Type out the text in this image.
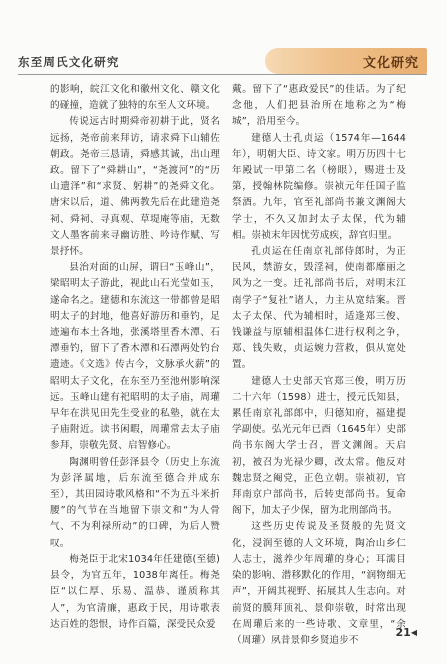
东至周氏文化研究	文化研究

的影响，皖江文化和徽州文化、赣文化的碰撞，造就了独特的东至人文环境。

传说远古时期舜帝初耕于此，贤名远扬，尧帝前来拜访，请求舜下山辅佐朝政。尧帝三恳请，舜感其诚，出山理政。留下了“舜耕山”，“尧渡河”的“历山遗泽”和“求贤、躬耕”的尧舜文化。唐宋以后，道、佛两教先后在此建造尧祠、舜祠、寻真观、草堤庵等庙，无数文人墨客前来寻幽访胜、吟诗作赋、写景抒怀。

县治对面的山屏，谓曰“玉峰山”，梁昭明太子游此，视此山石光莹如玉，遂命名之。建德和东流这一带都曾是昭明太子的封地，他喜好游历和垂钓，足迹遍布本土各地，张溪塔里香木潭、石潭垂钓，留下了香木潭和石潭两处钓台遗迹。《文选》传古今，文脉承火薪”的昭明太子文化，在东至乃至池州影响深远。玉峰山建有祀昭明的太子庙，周瓘早年在洪见田先生受业的私塾，就在太子庙附近。读书闲暇，周瓘常去太子庙参拜，崇敬先贤、启智修心。

陶渊明曾任彭泽县令（历史上东流为彭泽属地，后东流至德合并成东至），其田园诗歌风格和“不为五斗米折腰”的气节在当地留下崇文和“为人骨气、不为利禄所动”的口碑，为后人赞叹。

梅尧臣于北宋1034年任建德(至德)县令，为官五年，1038年离任。梅尧臣“以仁厚、乐易、温恭、谨质称其人”，为官清廉，惠政于民，用诗歌表达百姓的怨恨，诗作百篇，深受民众爱

戴。留下了“惠政爱民”的佳话。为了纪念他，人们把县治所在地称之为“梅城”，沿用至今。

建德人士孔贞运（1574年—1644年），明朝大臣、诗文家。明万历四十七年殿试一甲第二名（榜眼），赐进士及第，授翰林院编修。崇祯元年任国子监祭酒。九年，官至礼部尚书兼文渊阁大学士，不久又加封太子太保，代为辅相。崇祯末年因忧劳成疾，辞官归里。

孔贞运在任南京礼部侍郎时，为正民风，禁游女，毁淫祠，使南都靡丽之风为之一变。迁礼部尚书后，对明末江南学子“复社”诸人，力主从宽结案。晋太子太保、代为辅相时，适逢郑三俊、钱谦益与原辅相温体仁进行权利之争，郑、钱失败，贞运婉力营救，俱从宽处置。

建德人士史部天官郑三俊，明万历二十六年（1598）进士，授元氏知县，累任南京礼部郎中，归德知府，福建提学副使。弘光元年已酉（1645年）史部尚书东阁大学士召，晋文渊阁。天启初，被召为光禄少卿，改太常。他反对魏忠贤之阉党，正色立朝。崇祯初，官拜南京户部尚书，后转吏部尚书。复命阁下，加太子少保，留为北刑部尚书。

这些历史传说及圣贤般的先贤文化，浸润至德的人文环境，陶冶山乡仁人志士，滋养少年周瓘的身心；耳濡目染的影响、潜移默化的作用，“润物细无声”，开阔其视野、拓展其人生志向。对前贤的膜拜顶礼、景仰崇敬，时常出现在周瓘后来的一些诗歌、文章里，“余（周瓘）夙昔景仰乡贤追步不

21◀
